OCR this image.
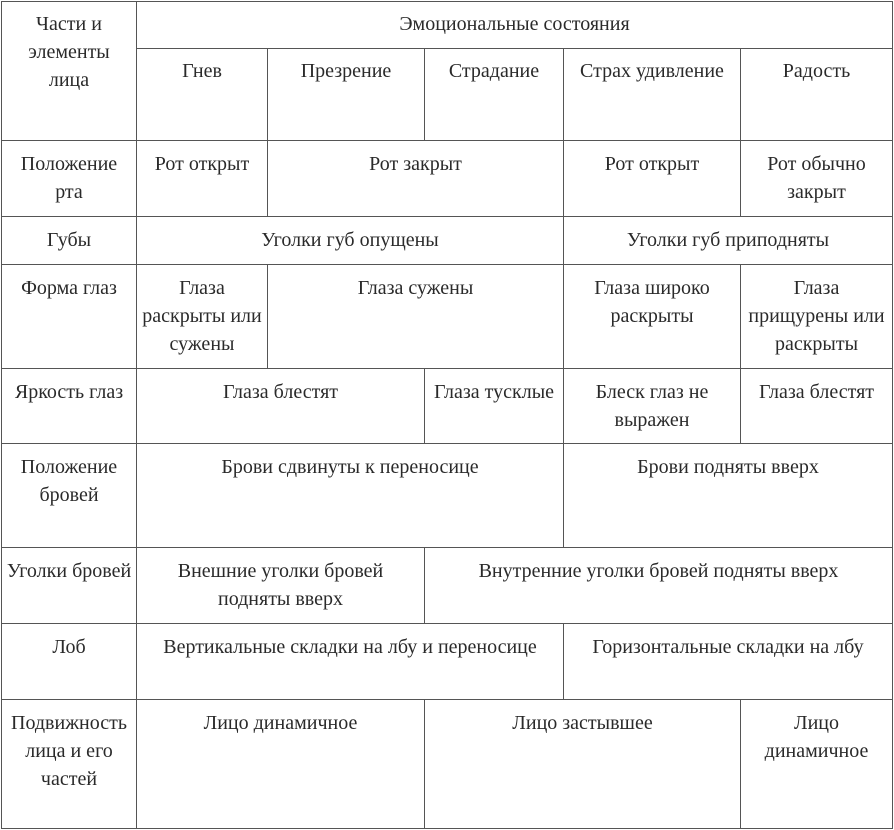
Части и элементы лица	Эмоциональные состояния				

	Гнев	Презрение	Страдание	Страх удивление	Радость

Положение рта	Рот открыт	Рот закрыт		Рот открыт	Рот обычно закрыт

Губы	Уголки губ опущены			Уголки губ приподняты	

Форма глаз	Глаза раскрыты или сужены	Глаза сужены		Глаза широко раскрыты	Глаза прищурены или раскрыты

Яркость глаз	Глаза блестят		Глаза тусклые	Блеск глаз не выражен	Глаза блестят

Положение бровей	Брови сдвинуты к переносице			Брови подняты вверх	

Уголки бровей	Внешние уголки бровей подняты вверх		Внутренние уголки бровей подняты вверх		

Лоб	Вертикальные складки на лбу и переносице			Горизонтальные складки на лбу	

Подвижность лица и его частей	Лицо динамичное		Лицо застывшее		Лицо динамичное
